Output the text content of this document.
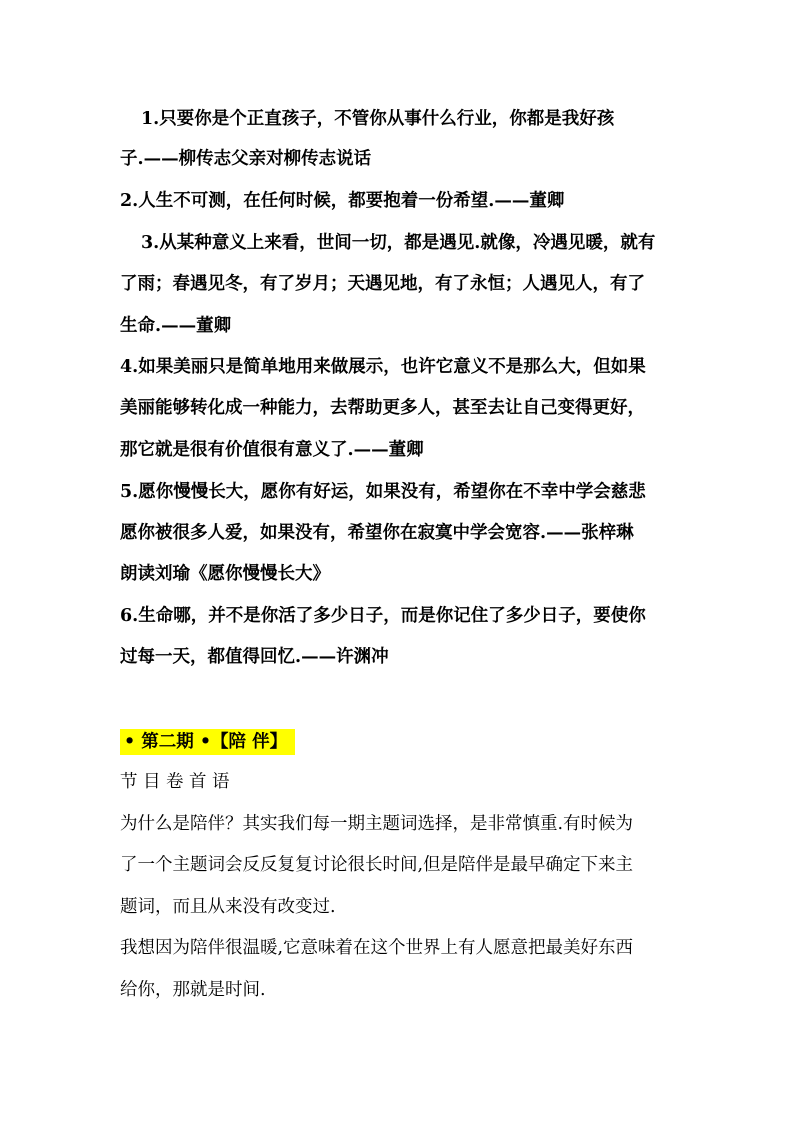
1.只要你是个正直孩子，不管你从事什么行业，你都是我好孩
子.——柳传志父亲对柳传志说话
2.人生不可测，在任何时候，都要抱着一份希望.——董卿
3.从某种意义上来看，世间一切，都是遇见.就像，冷遇见暖，就有
了雨；春遇见冬，有了岁月；天遇见地，有了永恒；人遇见人，有了
生命.——董卿
4.如果美丽只是简单地用来做展示，也许它意义不是那么大，但如果
美丽能够转化成一种能力，去帮助更多人，甚至去让自己变得更好，
那它就是很有价值很有意义了.——董卿
5.愿你慢慢长大，愿你有好运，如果没有，希望你在不幸中学会慈悲
愿你被很多人爱，如果没有，希望你在寂寞中学会宽容.——张梓琳
朗读刘瑜《愿你慢慢长大》
6.生命哪，并不是你活了多少日子，而是你记住了多少日子，要使你
过每一天，都值得回忆.——许渊冲
• 第二期 •【陪 伴】
节目卷首语
为什么是陪伴？其实我们每一期主题词选择，是非常慎重.有时候为
了一个主题词会反反复复讨论很长时间,但是陪伴是最早确定下来主
题词，而且从来没有改变过.
我想因为陪伴很温暖,它意味着在这个世界上有人愿意把最美好东西
给你，那就是时间.
